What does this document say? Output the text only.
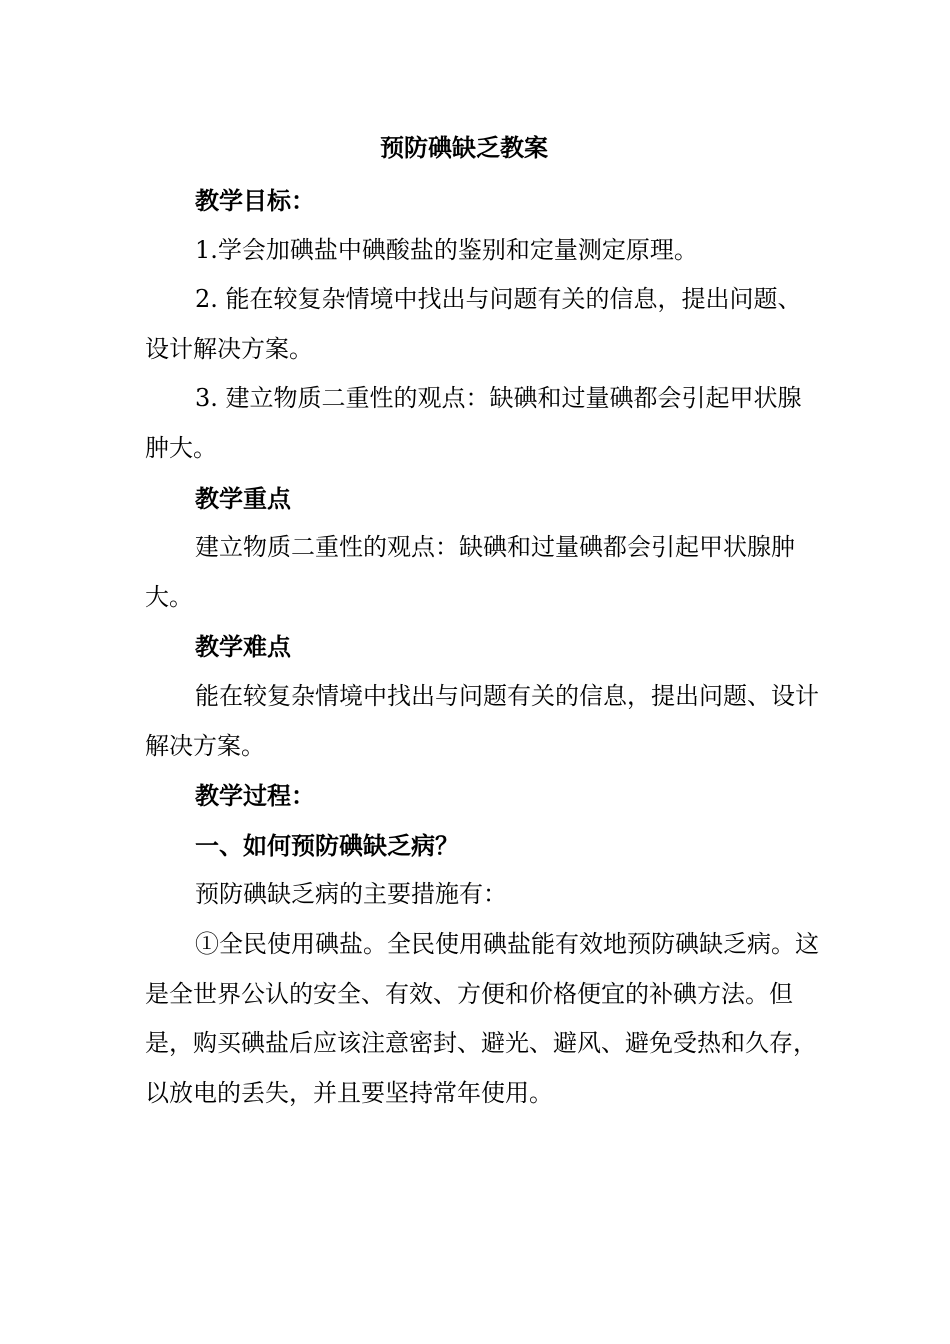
预防碘缺乏教案

教学目标：

1.学会加碘盐中碘酸盐的鉴别和定量测定原理。

2. 能在较复杂情境中找出与问题有关的信息，提出问题、设计解决方案。

3. 建立物质二重性的观点：缺碘和过量碘都会引起甲状腺肿大。

教学重点

建立物质二重性的观点：缺碘和过量碘都会引起甲状腺肿大。

教学难点

能在较复杂情境中找出与问题有关的信息，提出问题、设计解决方案。

教学过程：

一、如何预防碘缺乏病？

预防碘缺乏病的主要措施有：

①全民使用碘盐。全民使用碘盐能有效地预防碘缺乏病。这是全世界公认的安全、有效、方便和价格便宜的补碘方法。但是，购买碘盐后应该注意密封、避光、避风、避免受热和久存，以放电的丢失，并且要坚持常年使用。
